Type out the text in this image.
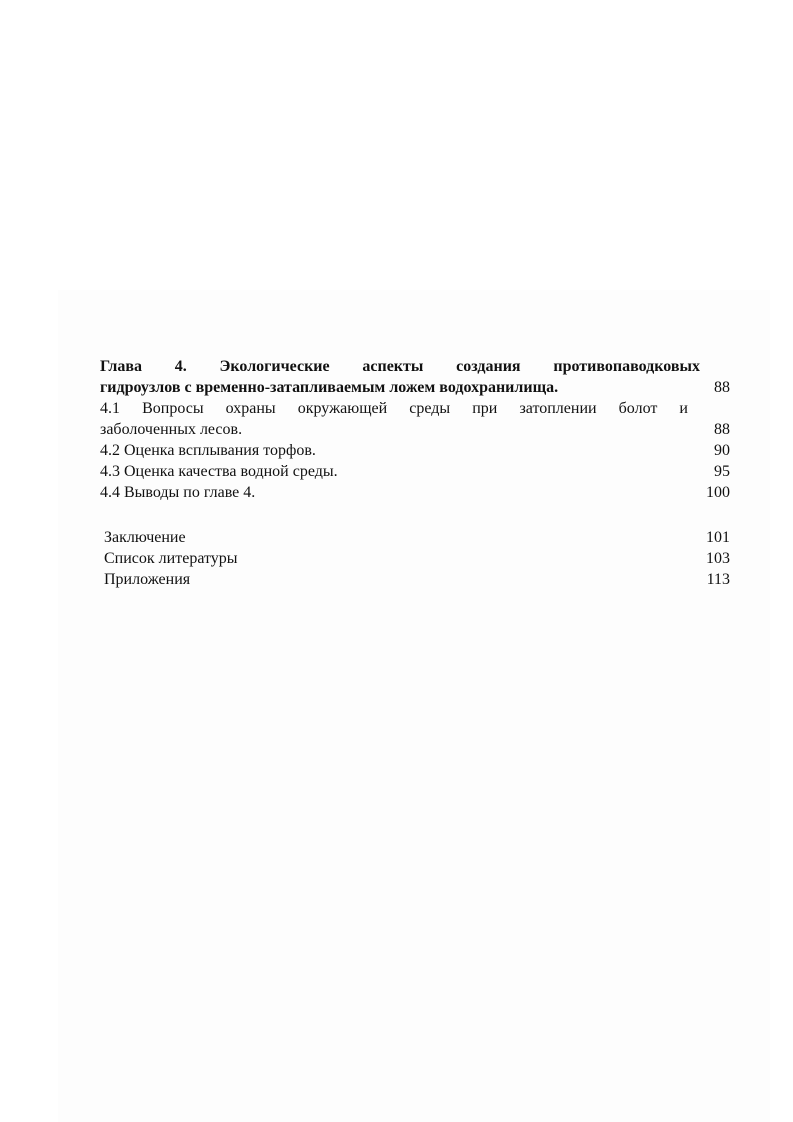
Глава 4. Экологические аспекты создания противопаводковых
гидроузлов с временно-затапливаемым ложем водохранилища.	88
4.1 Вопросы охраны окружающей среды при затоплении болот и
заболоченных лесов.	88
4.2 Оценка всплывания торфов.	90
4.3 Оценка качества водной среды.	95
4.4 Выводы по главе 4.	100
Заключение	101
Список литературы	103
Приложения	113
